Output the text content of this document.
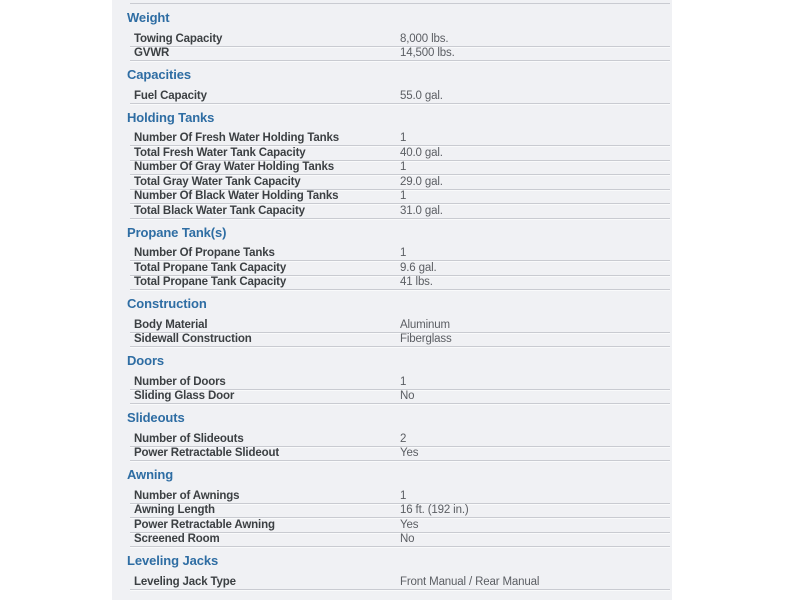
Weight
Towing Capacity	8,000 lbs.
GVWR	14,500 lbs.
Capacities
Fuel Capacity	55.0 gal.
Holding Tanks
Number Of Fresh Water Holding Tanks	1
Total Fresh Water Tank Capacity	40.0 gal.
Number Of Gray Water Holding Tanks	1
Total Gray Water Tank Capacity	29.0 gal.
Number Of Black Water Holding Tanks	1
Total Black Water Tank Capacity	31.0 gal.
Propane Tank(s)
Number Of Propane Tanks	1
Total Propane Tank Capacity	9.6 gal.
Total Propane Tank Capacity	41 lbs.
Construction
Body Material	Aluminum
Sidewall Construction	Fiberglass
Doors
Number of Doors	1
Sliding Glass Door	No
Slideouts
Number of Slideouts	2
Power Retractable Slideout	Yes
Awning
Number of Awnings	1
Awning Length	16 ft. (192 in.)
Power Retractable Awning	Yes
Screened Room	No
Leveling Jacks
Leveling Jack Type	Front Manual / Rear Manual
